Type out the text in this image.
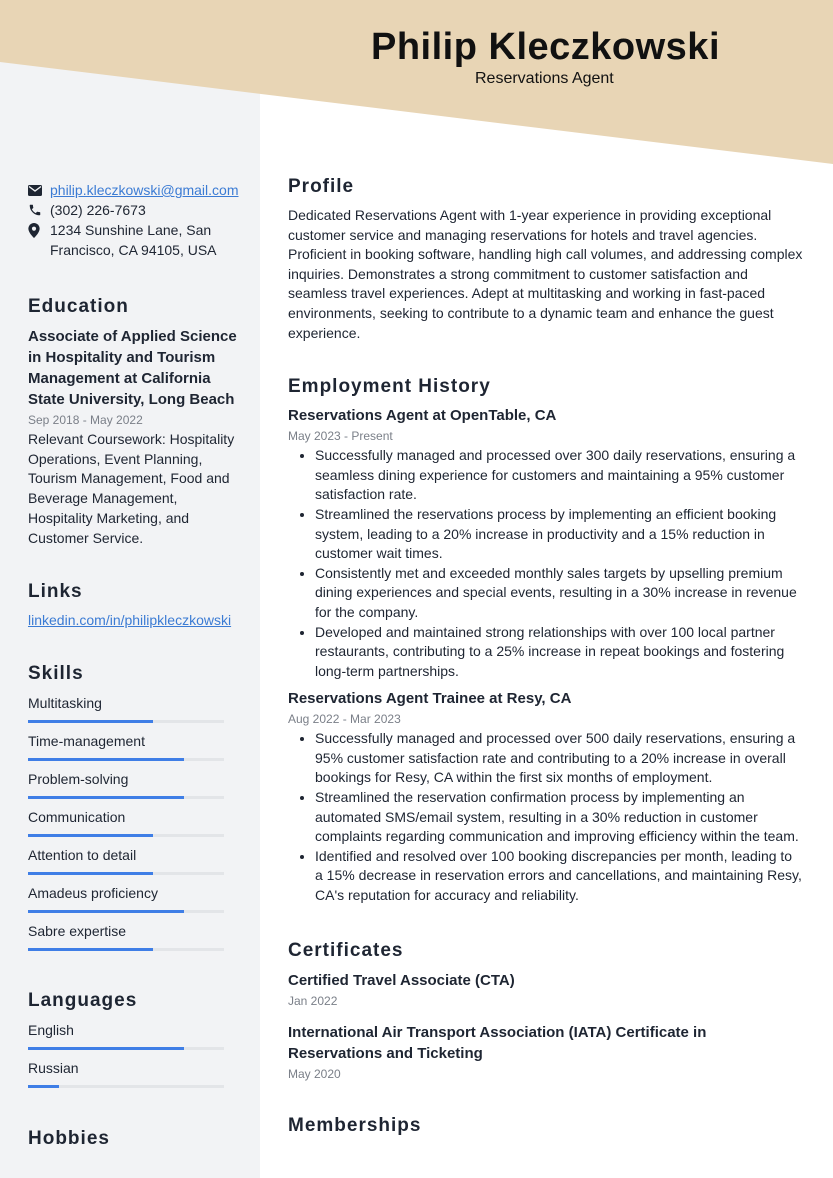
Philip Kleczkowski
Reservations Agent
philip.kleczkowski@gmail.com
(302) 226-7673
1234 Sunshine Lane, San Francisco, CA 94105, USA
Education
Associate of Applied Science in Hospitality and Tourism Management at California State University, Long Beach
Sep 2018 - May 2022
Relevant Coursework: Hospitality Operations, Event Planning, Tourism Management, Food and Beverage Management, Hospitality Marketing, and Customer Service.
Links
linkedin.com/in/philipkleczkowski
Skills
Multitasking
Time-management
Problem-solving
Communication
Attention to detail
Amadeus proficiency
Sabre expertise
Languages
English
Russian
Hobbies
Profile
Dedicated Reservations Agent with 1-year experience in providing exceptional customer service and managing reservations for hotels and travel agencies. Proficient in booking software, handling high call volumes, and addressing complex inquiries. Demonstrates a strong commitment to customer satisfaction and seamless travel experiences. Adept at multitasking and working in fast-paced environments, seeking to contribute to a dynamic team and enhance the guest experience.
Employment History
Reservations Agent at OpenTable, CA
May 2023 - Present
• Successfully managed and processed over 300 daily reservations, ensuring a seamless dining experience for customers and maintaining a 95% customer satisfaction rate.
• Streamlined the reservations process by implementing an efficient booking system, leading to a 20% increase in productivity and a 15% reduction in customer wait times.
• Consistently met and exceeded monthly sales targets by upselling premium dining experiences and special events, resulting in a 30% increase in revenue for the company.
• Developed and maintained strong relationships with over 100 local partner restaurants, contributing to a 25% increase in repeat bookings and fostering long-term partnerships.
Reservations Agent Trainee at Resy, CA
Aug 2022 - Mar 2023
• Successfully managed and processed over 500 daily reservations, ensuring a 95% customer satisfaction rate and contributing to a 20% increase in overall bookings for Resy, CA within the first six months of employment.
• Streamlined the reservation confirmation process by implementing an automated SMS/email system, resulting in a 30% reduction in customer complaints regarding communication and improving efficiency within the team.
• Identified and resolved over 100 booking discrepancies per month, leading to a 15% decrease in reservation errors and cancellations, and maintaining Resy, CA's reputation for accuracy and reliability.
Certificates
Certified Travel Associate (CTA)
Jan 2022
International Air Transport Association (IATA) Certificate in Reservations and Ticketing
May 2020
Memberships
